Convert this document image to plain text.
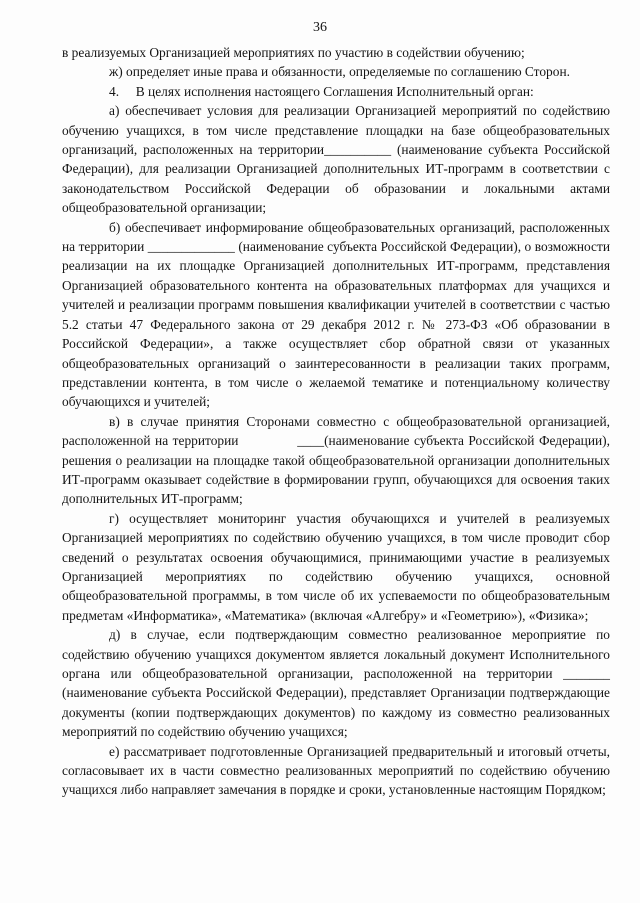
36

в реализуемых Организацией мероприятиях по участию в содействии обучению;

ж) определяет иные права и обязанности, определяемые по соглашению Сторон.

4.     В целях исполнения настоящего Соглашения Исполнительный орган:

а) обеспечивает условия для реализации Организацией мероприятий по содействию обучению учащихся, в том числе представление площадки на базе общеобразовательных организаций, расположенных на территории__________ (наименование субъекта Российской Федерации), для реализации Организацией дополнительных ИТ-программ в соответствии с законодательством Российской Федерации об образовании и локальными актами общеобразовательной организации;

б) обеспечивает информирование общеобразовательных организаций, расположенных на территории _____________ (наименование субъекта Российской Федерации), о возможности реализации на их площадке Организацией дополнительных ИТ-программ, представления Организацией образовательного контента на образовательных платформах для учащихся и учителей и реализации программ повышения квалификации учителей в соответствии с частью 5.2 статьи 47 Федерального закона от 29 декабря 2012 г. № 273-ФЗ «Об образовании в Российской Федерации», а также осуществляет сбор обратной связи от указанных общеобразовательных организаций о заинтересованности в реализации таких программ, представлении контента, в том числе о желаемой тематике и потенциальному количеству обучающихся и учителей;

в) в случае принятия Сторонами совместно с общеобразовательной организацией, расположенной на территории             ____(наименование субъекта Российской Федерации), решения о реализации на площадке такой общеобразовательной организации дополнительных ИТ-программ оказывает содействие в формировании групп, обучающихся для освоения таких дополнительных ИТ-программ;

г) осуществляет мониторинг участия обучающихся и учителей в реализуемых Организацией мероприятиях по содействию обучению учащихся, в том числе проводит сбор сведений о результатах освоения обучающимися, принимающими участие в реализуемых Организацией мероприятиях по содействию обучению учащихся, основной общеобразовательной программы, в том числе об их успеваемости по общеобразовательным предметам «Информатика», «Математика» (включая «Алгебру» и «Геометрию»), «Физика»;

д) в случае, если подтверждающим совместно реализованное мероприятие по содействию обучению учащихся документом является локальный документ Исполнительного органа или общеобразовательной организации, расположенной на территории _______ (наименование субъекта Российской Федерации), представляет Организации подтверждающие документы (копии подтверждающих документов) по каждому из совместно реализованных мероприятий по содействию обучению учащихся;

е) рассматривает подготовленные Организацией предварительный и итоговый отчеты, согласовывает их в части совместно реализованных мероприятий по содействию обучению учащихся либо направляет замечания в порядке и сроки, установленные настоящим Порядком;
